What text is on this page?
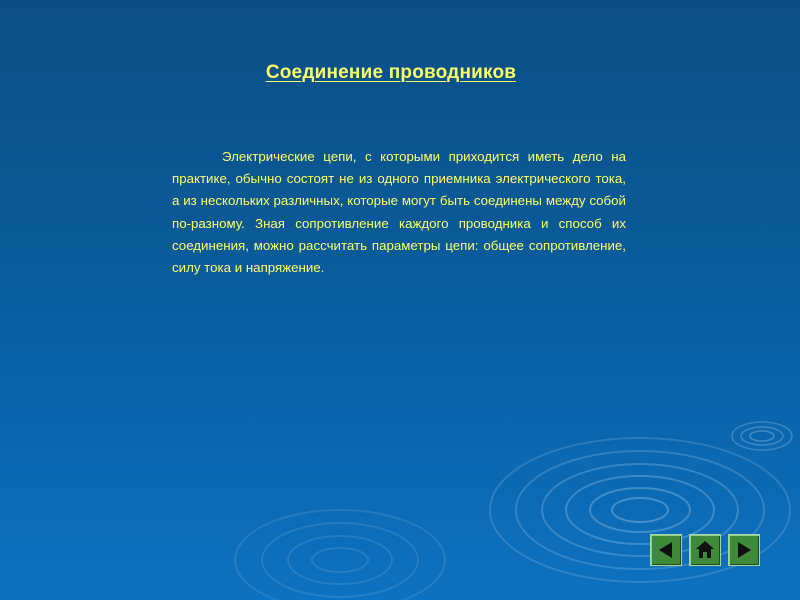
Соединение проводников

Электрические цепи, с которыми приходится иметь дело на практике, обычно состоят не из одного приемника электрического тока, а из нескольких различных, которые могут быть соединены между собой по-разному. Зная сопротивление каждого проводника и способ их соединения, можно рассчитать параметры цепи: общее сопротивление, силу тока и напряжение.
